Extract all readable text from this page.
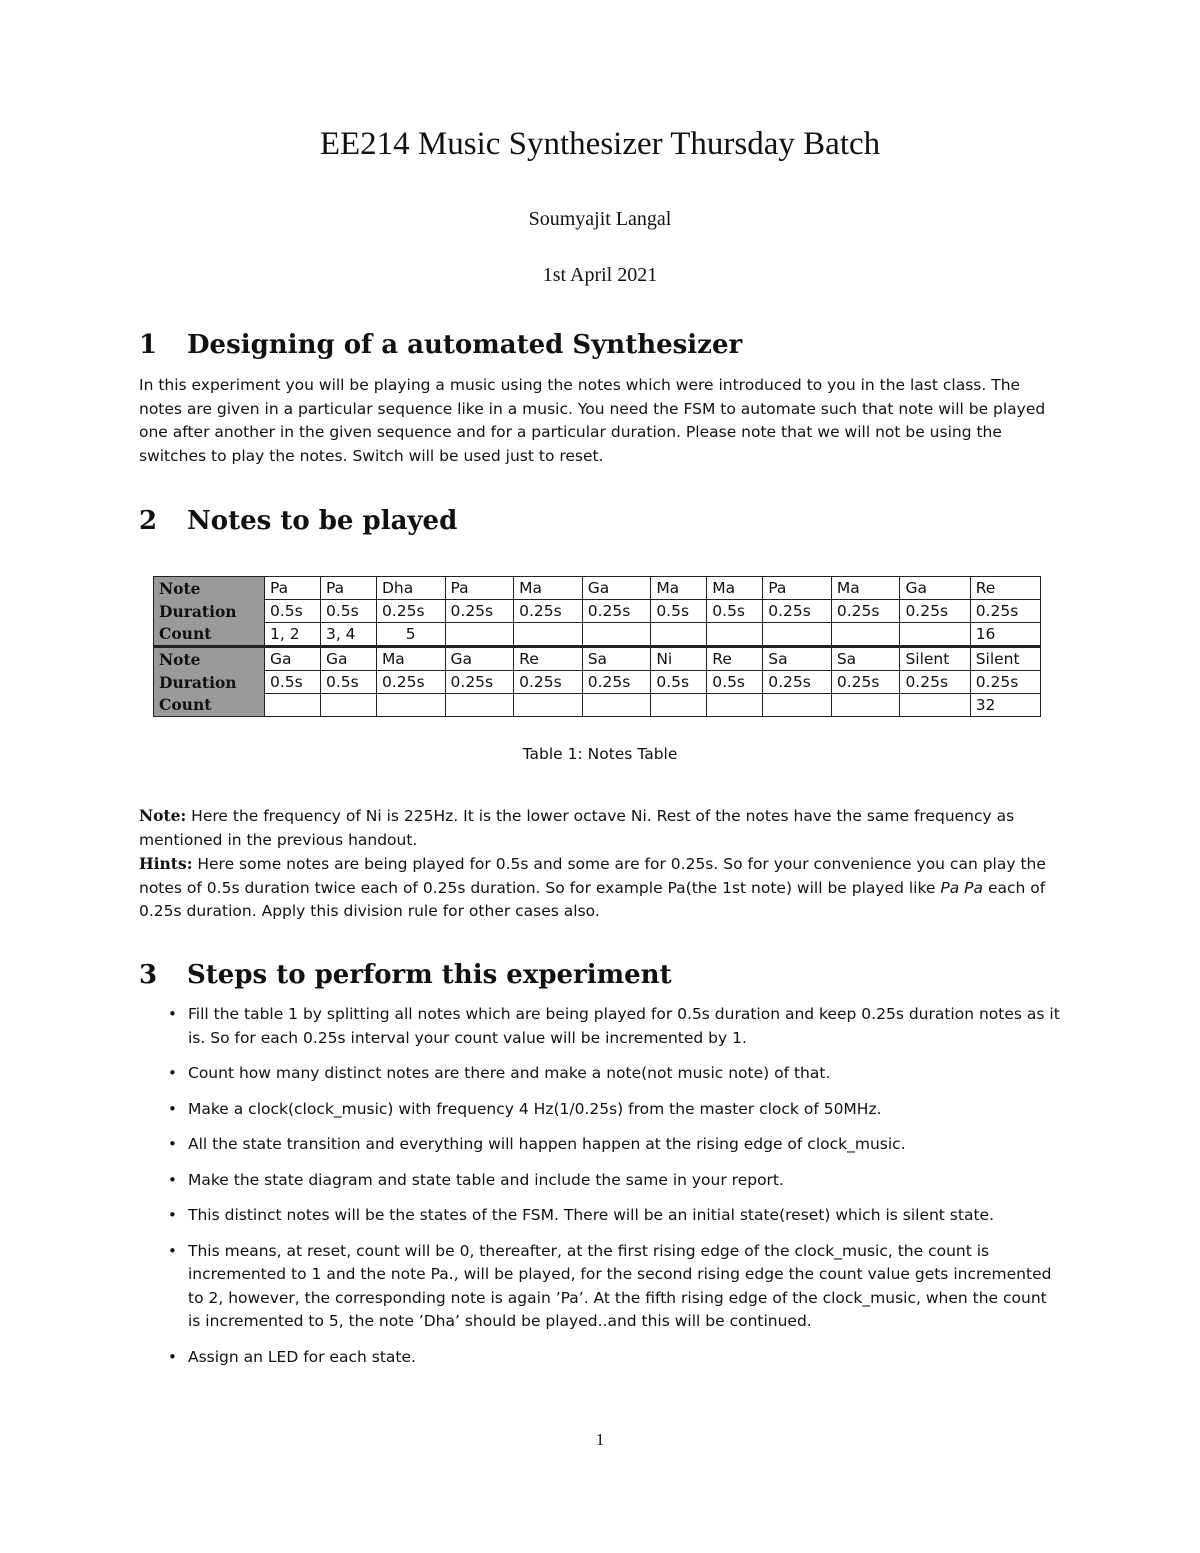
EE214 Music Synthesizer Thursday Batch
Soumyajit Langal
1st April 2021
1 Designing of a automated Synthesizer

In this experiment you will be playing a music using the notes which were introduced to you in the last class. The notes are given in a particular sequence like in a music. You need the FSM to automate such that note will be played one after another in the given sequence and for a particular duration. Please note that we will not be using the switches to play the notes. Switch will be used just to reset.

2 Notes to be played
Note	Pa	Pa	Dha	Pa	Ma	Ga	Ma	Ma	Pa	Ma	Ga	Re
Duration	0.5s	0.5s	0.25s	0.25s	0.25s	0.25s	0.5s	0.5s	0.25s	0.25s	0.25s	0.25s
Count	1, 2	3, 4	5									16
Note	Ga	Ga	Ma	Ga	Re	Sa	Ni	Re	Sa	Sa	Silent	Silent
Duration	0.5s	0.5s	0.25s	0.25s	0.25s	0.25s	0.5s	0.5s	0.25s	0.25s	0.25s	0.25s
Count												32
Table 1: Notes Table

Note: Here the frequency of Ni is 225Hz. It is the lower octave Ni. Rest of the notes have the same frequency as mentioned in the previous handout.
Hints: Here some notes are being played for 0.5s and some are for 0.25s. So for your convenience you can play the notes of 0.5s duration twice each of 0.25s duration. So for example Pa(the 1st note) will be played like Pa Pa each of 0.25s duration. Apply this division rule for other cases also.

3 Steps to perform this experiment
• Fill the table 1 by splitting all notes which are being played for 0.5s duration and keep 0.25s duration notes as it is. So for each 0.25s interval your count value will be incremented by 1.
• Count how many distinct notes are there and make a note(not music note) of that.
• Make a clock(clock_music) with frequency 4 Hz(1/0.25s) from the master clock of 50MHz.
• All the state transition and everything will happen happen at the rising edge of clock_music.
• Make the state diagram and state table and include the same in your report.
• This distinct notes will be the states of the FSM. There will be an initial state(reset) which is silent state.
• This means, at reset, count will be 0, thereafter, at the first rising edge of the clock_music, the count is incremented to 1 and the note Pa., will be played, for the second rising edge the count value gets incremented to 2, however, the corresponding note is again ’Pa’. At the fifth rising edge of the clock_music, when the count is incremented to 5, the note ’Dha’ should be played..and this will be continued.
• Assign an LED for each state.
1
